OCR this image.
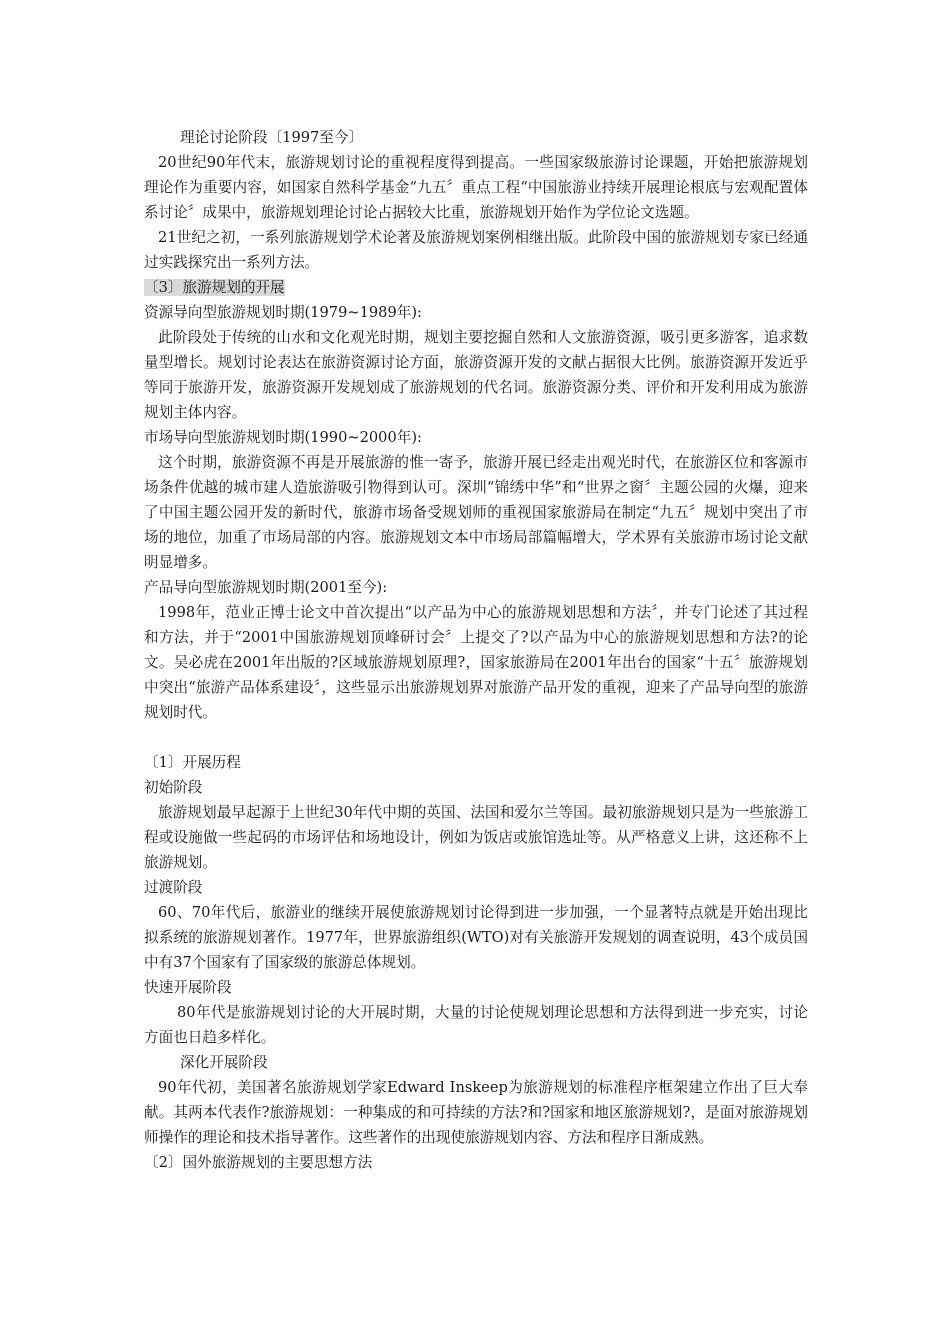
理论讨论阶段〔1997至今〕

20世纪90年代末，旅游规划讨论的重视程度得到提高。一些国家级旅游讨论课题，开始把旅游规划理论作为重要内容，如国家自然科学基金“九五〞重点工程“中国旅游业持续开展理论根底与宏观配置体系讨论〞成果中，旅游规划理论讨论占据较大比重，旅游规划开始作为学位论文选题。

21世纪之初，一系列旅游规划学术论著及旅游规划案例相继出版。此阶段中国的旅游规划专家已经通过实践探究出一系列方法。

〔3〕旅游规划的开展

资源导向型旅游规划时期(1979~1989年):

此阶段处于传统的山水和文化观光时期，规划主要挖掘自然和人文旅游资源，吸引更多游客，追求数量型增长。规划讨论表达在旅游资源讨论方面，旅游资源开发的文献占据很大比例。旅游资源开发近乎等同于旅游开发，旅游资源开发规划成了旅游规划的代名词。旅游资源分类、评价和开发利用成为旅游规划主体内容。

市场导向型旅游规划时期(1990~2000年):

这个时期，旅游资源不再是开展旅游的惟一寄予，旅游开展已经走出观光时代，在旅游区位和客源市场条件优越的城市建人造旅游吸引物得到认可。深圳“锦绣中华”和“世界之窗〞主题公园的火爆，迎来了中国主题公园开发的新时代，旅游市场备受规划师的重视国家旅游局在制定“九五〞规划中突出了市场的地位，加重了市场局部的内容。旅游规划文本中市场局部篇幅增大，学术界有关旅游市场讨论文献明显增多。

产品导向型旅游规划时期(2001至今):

1998年，范业正博士论文中首次提出“以产品为中心的旅游规划思想和方法〞，并专门论述了其过程和方法，并于“2001中国旅游规划顶峰研讨会〞上提交了?以产品为中心的旅游规划思想和方法?的论文。吴必虎在2001年出版的?区域旅游规划原理?，国家旅游局在2001年出台的国家“十五〞旅游规划中突出“旅游产品体系建设〞，这些显示出旅游规划界对旅游产品开发的重视，迎来了产品导向型的旅游规划时代。

〔1〕开展历程

初始阶段

旅游规划最早起源于上世纪30年代中期的英国、法国和爱尔兰等国。最初旅游规划只是为一些旅游工程或设施做一些起码的市场评估和场地设计，例如为饭店或旅馆选址等。从严格意义上讲，这还称不上旅游规划。

过渡阶段

60、70年代后，旅游业的继续开展使旅游规划讨论得到进一步加强，一个显著特点就是开始出现比拟系统的旅游规划著作。1977年，世界旅游组织(WTO)对有关旅游开发规划的调查说明，43个成员国中有37个国家有了国家级的旅游总体规划。

快速开展阶段

80年代是旅游规划讨论的大开展时期，大量的讨论使规划理论思想和方法得到进一步充实，讨论方面也日趋多样化。

深化开展阶段

90年代初，美国著名旅游规划学家Edward Inskeep为旅游规划的标准程序框架建立作出了巨大奉献。其两本代表作?旅游规划：一种集成的和可持续的方法?和?国家和地区旅游规划?，是面对旅游规划师操作的理论和技术指导著作。这些著作的出现使旅游规划内容、方法和程序日渐成熟。

〔2〕国外旅游规划的主要思想方法
